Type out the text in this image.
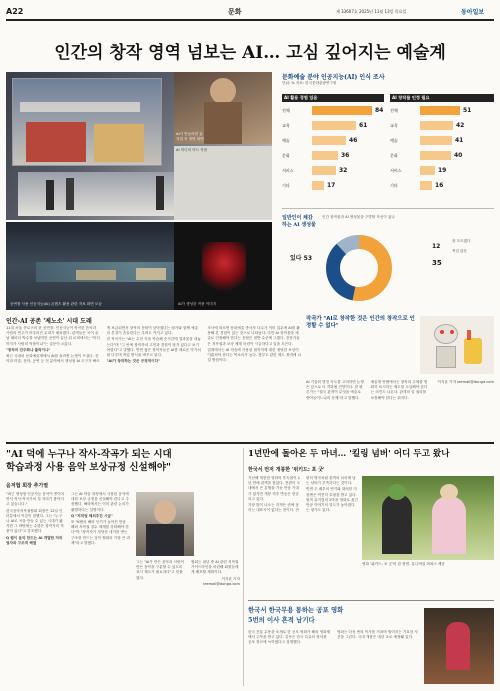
A22	문화	제 33607호 2025년 11월 13일 목요일	동아일보
인간의 창작 영역 넘보는 AI… 고심 깊어지는 예술계
AI가 만들어낸 뮤지컬 속 장면 화면
AI 미디어 아트 작품
공연장 사용 인공지능(AI) 콘텐츠 활용 관련 자료 화면 모습	AI가 생성한 작품 이미지
문화예술 분야 인공지능(AI) 인식 조사
단위: % 자료: 한국문화관광연구원
AI 활용 경험 있음
전체	84
교육	61
예술	46
문화	36
서비스	32
기타	17
AI 창작물 인정 필요
전체	51
교육	42
예술	41
문화	40
서비스	19
기타	16
일반인이 체감하는 AI 생성물
인간 창작물과 AI 생성물을 구별할 자신이 있나
있다 53
35
12
잘 모르겠다
작업 않음
인간-AI 공존 '제노소' 시대 도래

11일 서울 종로구의 한 공연장. 인공지능이 작곡한 음악과 사람의 연주가 어우러진 무대가 펼쳐졌다. 관객들은 곡이 끝날 때마다 박수를 보냈지만 공연이 끝난 뒤 로비에서는 "어디까지가 사람의 작품이냐"는 질문이 오갔다.

"창작의 민주화냐 몰락이냐"

최근 국내외 문화예술계에서 AI를 둘러싼 논쟁이 뜨겁다. 음악과 미술, 문학, 공연 등 전 분야에서 생성형 AI 도구가 빠르게 보급되면서 창작의 문턱이 낮아졌다는 평가와 함께 예술의 본질이 흔들린다는 우려도 커지고 있다.

한 작곡가는 "AI는 수천 곡을 학습해 순식간에 결과물을 내놓는다"며 "그 안에 창작자의 고민과 경험이 담겨 있다고 보기 어렵다"고 말했다. 반면 젊은 창작자들은 AI를 새로운 악기처럼 다루며 작업 방식을 바꾸고 있다.

"AI가 창작하는 것은 긍정적이다"

조사에 따르면 문화예술 종사자 다수가 이미 업무에 AI를 활용해 본 경험이 있는 것으로 나타났다. 다만 AI 창작물을 예술로 인정해야 한다는 응답은 절반 수준에 그쳤다. 전문가들은 저작권과 보상 체계 마련이 시급하다고 입을 모은다.

업계에서는 AI 학습에 사용된 원작자에 대한 정당한 보상이 이뤄져야 한다는 목소리가 높다. 정부도 관련 제도 정비에 나설 방침이다.

작곡가 "AI로 창작한 것은 인간의 창작으로 인정할 수 없다"

AI 기술의 발전 속도를 고려하면 논쟁은 앞으로 더 격화될 전망이다. 한 평론가는 "결국 관객이 무엇을 예술로 받아들이느냐의 문제"라고 말했다.

예술계 안팎에서는 창작의 주체를 명확히 표시하는 제도를 도입해야 한다는 의견도 나온다. 관객의 알 권리를 보장해야 한다는 취지다.

이지윤 기자 leemail@donga.com

"AI 덕에 누구나 작사-작곡가 되는 시대
학습과정 사용 음악 보상규정 신설해야"
음저협 회장 추가열

"최근 생성형 인공지능 음악이 쏟아지면서 작사·작곡가의 설 자리가 좁아지고 있습니다."

한국음악저작권협회 회장은 12일 인터뷰에서 이같이 말했다. 그는 "누구나 AI로 곡을 만들 수 있는 시대가 됐지만 그 바탕에는 수많은 창작자의 작품이 있다"고 강조했다.

Q 웹이 음악 만드는 AI 개발한 저작권자와 구조적 해결

그는 AI 학습 과정에서 사용된 음악에 대한 보상 규정을 신설해야 한다고 주장했다. 해외에서는 이미 관련 논의가 활발하다는 설명이다.

Q "저작권 해외추진 시급"

또 "K팝의 해외 인기가 높아진 만큼 해외 저작권 징수 체계를 강화해야 한다"며 "창작자가 정당한 대가를 받는 구조를 만드는 것이 협회의 가장 큰 과제"라고 밝혔다.

그는 "AI가 만든 음악과 사람이 만든 음악을 구분할 수 있도록 표시 제도가 필요하다"고 덧붙였다.

협회는 내년 중 AI 관련 저작권 가이드라인을 마련해 회원들에게 배포할 계획이다.

이지윤 기자 leemail@donga.com

1년만에 돌아온 두 마녀… '킬링 넘버' 어디 두고 왔나
한국서 먼저 개봉한 '위키드: 포 굿'

지난해 개봉한 영화의 후속편이 1년 만에 관객을 찾았다. 전편이 국내에서 큰 흥행을 거둔 만큼 기대가 컸지만 개봉 직후 반응은 엇갈리고 있다.

가장 많이 나오는 지적은 귀에 꽂히는 대표곡이 없다는 점이다. 전편의 명곡처럼 관객의 뇌리에 남는 넘버가 부족하다는 것이다.

반면 두 배우의 연기와 화려한 미장센은 여전히 호평을 받고 있다. 원작 뮤지컬의 2막을 영화로 옮긴 만큼 이야기의 밀도가 높아졌다는 평가도 있다.

영화 '위키드: 포 굿'의 한 장면. 유니버설 픽쳐스 제공
한국서 한국무용 통하는 공포 영화
5번의 이사 흔적 남기다

한국 전통 무용을 소재로 한 공포 영화가 해외 영화제에서 주목을 받고 있다. 감독은 한국 특유의 정서를 공포 장르에 녹여냈다고 설명했다.

영화는 다섯 번의 이사를 거치며 벌어지는 기묘한 사건을 그린다. 국내 개봉은 내년 초로 예정돼 있다.
